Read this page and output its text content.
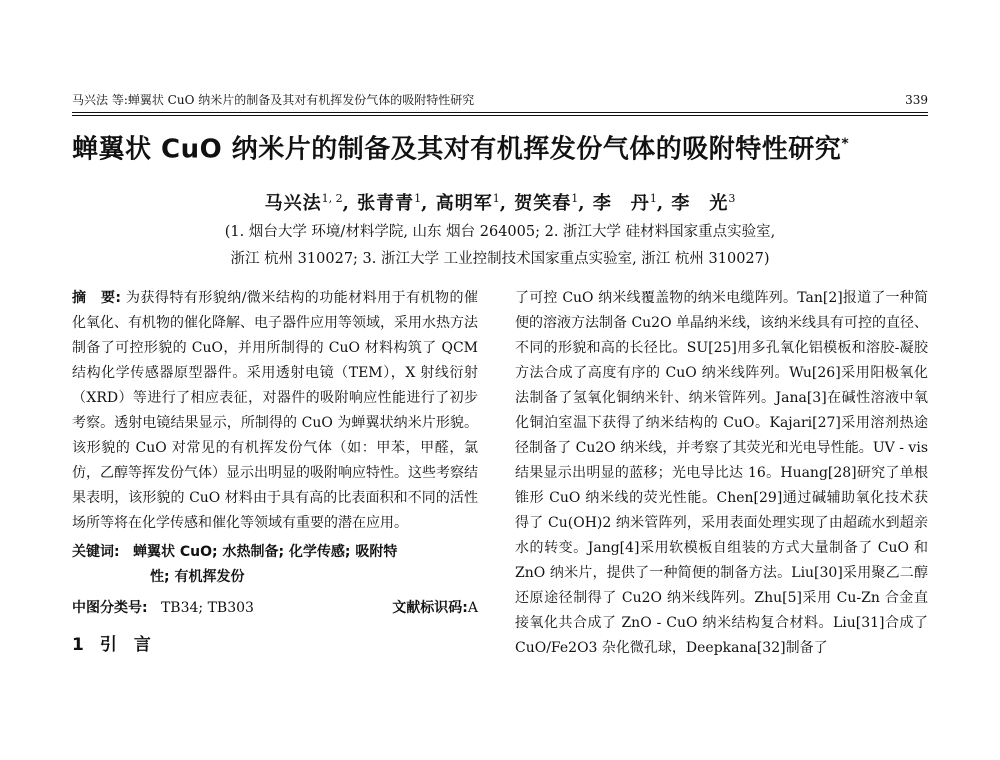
马兴法 等:蝉翼状 CuO 纳米片的制备及其对有机挥发份气体的吸附特性研究	339
蝉翼状 CuO 纳米片的制备及其对有机挥发份气体的吸附特性研究*
马兴法$^{1, 2}$, 张青青$^1$, 高明军$^1$, 贺笑春$^1$, 李　丹$^1$, 李　光$^3$
(1. 烟台大学 环境/材料学院, 山东 烟台 264005; 2. 浙江大学 硅材料国家重点实验室,
浙江 杭州 310027; 3. 浙江大学 工业控制技术国家重点实验室, 浙江 杭州 310027)

摘　要: 为获得特有形貌纳/微米结构的功能材料用于有机物的催化氧化、有机物的催化降解、电子器件应用等领域，采用水热方法制备了可控形貌的 CuO，并用所制得的 CuO 材料构筑了 QCM 结构化学传感器原型器件。采用透射电镜（TEM），X 射线衍射（XRD）等进行了相应表征，对器件的吸附响应性能进行了初步考察。透射电镜结果显示，所制得的 CuO 为蝉翼状纳米片形貌。该形貌的 CuO 对常见的有机挥发份气体（如：甲苯，甲醛，氯仿，乙醇等挥发份气体）显示出明显的吸附响应特性。这些考察结果表明，该形貌的 CuO 材料由于具有高的比表面积和不同的活性场所等将在化学传感和催化等领域有重要的潜在应用。

关键词: 蝉翼状 CuO; 水热制备; 化学传感; 吸附特

性; 有机挥发份

中图分类号: TB34; TB303	文献标识码:A

1 引　言

了可控 CuO 纳米线覆盖物的纳米电缆阵列。Tan[2]报道了一种简便的溶液方法制备 Cu2O 单晶纳米线，该纳米线具有可控的直径、不同的形貌和高的长径比。SU[25]用多孔氧化铝模板和溶胶-凝胶方法合成了高度有序的 CuO 纳米线阵列。Wu[26]采用阳极氧化法制备了氢氧化铜纳米针、纳米管阵列。Jana[3]在碱性溶液中氧化铜泊室温下获得了纳米结构的 CuO。Kajari[27]采用溶剂热途径制备了 Cu2O 纳米线，并考察了其荧光和光电导性能。UV - vis 结果显示出明显的蓝移；光电导比达 16。Huang[28]研究了单根锥形 CuO 纳米线的荧光性能。Chen[29]通过碱辅助氧化技术获得了 Cu(OH)2 纳米管阵列，采用表面处理实现了由超疏水到超亲水的转变。Jang[4]采用软模板自组装的方式大量制备了 CuO 和 ZnO 纳米片，提供了一种简便的制备方法。Liu[30]采用聚乙二醇还原途径制得了 Cu2O 纳米线阵列。Zhu[5]采用 Cu-Zn 合金直接氧化共合成了 ZnO - CuO 纳米结构复合材料。Liu[31]合成了 CuO/Fe2O3 杂化微孔球，Deepkana[32]制备了
